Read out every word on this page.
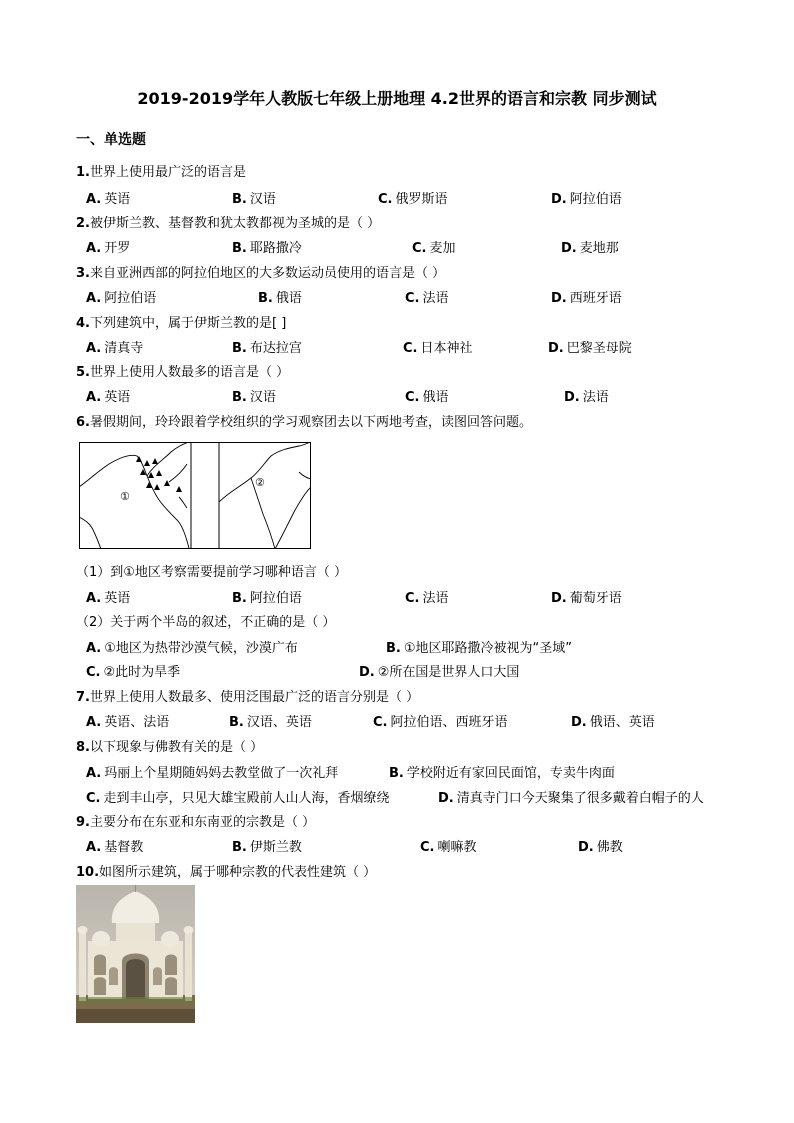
2019-2019学年人教版七年级上册地理 4.2世界的语言和宗教 同步测试
一、单选题
1.世界上使用最广泛的语言是
A. 英语	B. 汉语	C. 俄罗斯语	D. 阿拉伯语
2.被伊斯兰教、基督教和犹太教都视为圣城的是（ ）
A. 开罗	B. 耶路撒冷	C. 麦加	D. 麦地那
3.来自亚洲西部的阿拉伯地区的大多数运动员使用的语言是（ ）
A. 阿拉伯语	B. 俄语	C. 法语	D. 西班牙语
4.下列建筑中，属于伊斯兰教的是[ ]
A. 清真寺	B. 布达拉宫	C. 日本神社	D. 巴黎圣母院
5.世界上使用人数最多的语言是（ ）
A. 英语	B. 汉语	C. 俄语	D. 法语
6.暑假期间，玲玲跟着学校组织的学习观察团去以下两地考查，读图回答问题。
（1）到①地区考察需要提前学习哪种语言（ ）
A. 英语	B. 阿拉伯语	C. 法语	D. 葡萄牙语
（2）关于两个半岛的叙述，不正确的是（ ）
A. ①地区为热带沙漠气候，沙漠广布	B. ①地区耶路撒冷被视为“圣域”
C. ②此时为旱季	D. ②所在国是世界人口大国
7.世界上使用人数最多、使用泛围最广泛的语言分别是（ ）
A. 英语、法语	B. 汉语、英语	C. 阿拉伯语、西班牙语	D. 俄语、英语
8.以下现象与佛教有关的是（ ）
A. 玛丽上个星期随妈妈去教堂做了一次礼拜	B. 学校附近有家回民面馆，专卖牛肉面
C. 走到丰山亭，只见大雄宝殿前人山人海，香烟缭绕	D. 清真寺门口今天聚集了很多戴着白帽子的人
9.主要分布在东亚和东南亚的宗教是（ ）
A. 基督教	B. 伊斯兰教	C. 喇嘛教	D. 佛教
10.如图所示建筑，属于哪种宗教的代表性建筑（ ）
①
②
